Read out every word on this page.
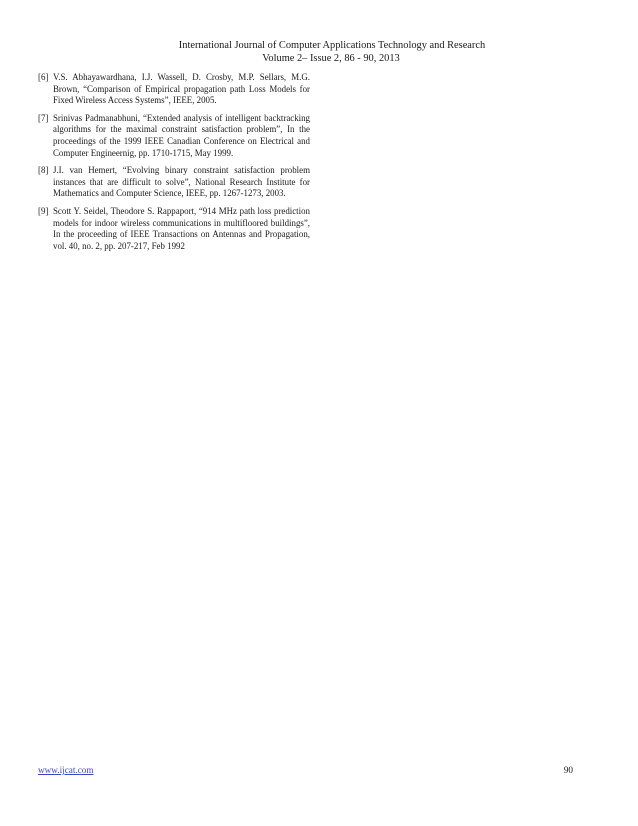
International Journal of Computer Applications Technology and Research
Volume 2– Issue 2, 86 - 90, 2013
[6] V.S. Abhayawardhana, I.J. Wassell, D. Crosby, M.P. Sellars, M.G. Brown, “Comparison of Empirical propagation path Loss Models for Fixed Wireless Access Systems”, IEEE, 2005.
[7] Srinivas Padmanabhuni, “Extended analysis of intelligent backtracking algorithms for the maximal constraint satisfaction problem”, In the proceedings of the 1999 IEEE Canadian Conference on Electrical and Computer Engineernig, pp. 1710-1715, May 1999.
[8] J.I. van Hemert, “Evolving binary constraint satisfaction problem instances that are difficult to solve”, National Research Institute for Mathematics and Computer Science, IEEE, pp. 1267-1273, 2003.
[9] Scott Y. Seidel, Theodore S. Rappaport, “914 MHz path loss prediction models for indoor wireless communications in multifloored buildings”, In the proceeding of IEEE Transactions on Antennas and Propagation, vol. 40, no. 2, pp. 207-217, Feb 1992
www.ijcat.com	90
